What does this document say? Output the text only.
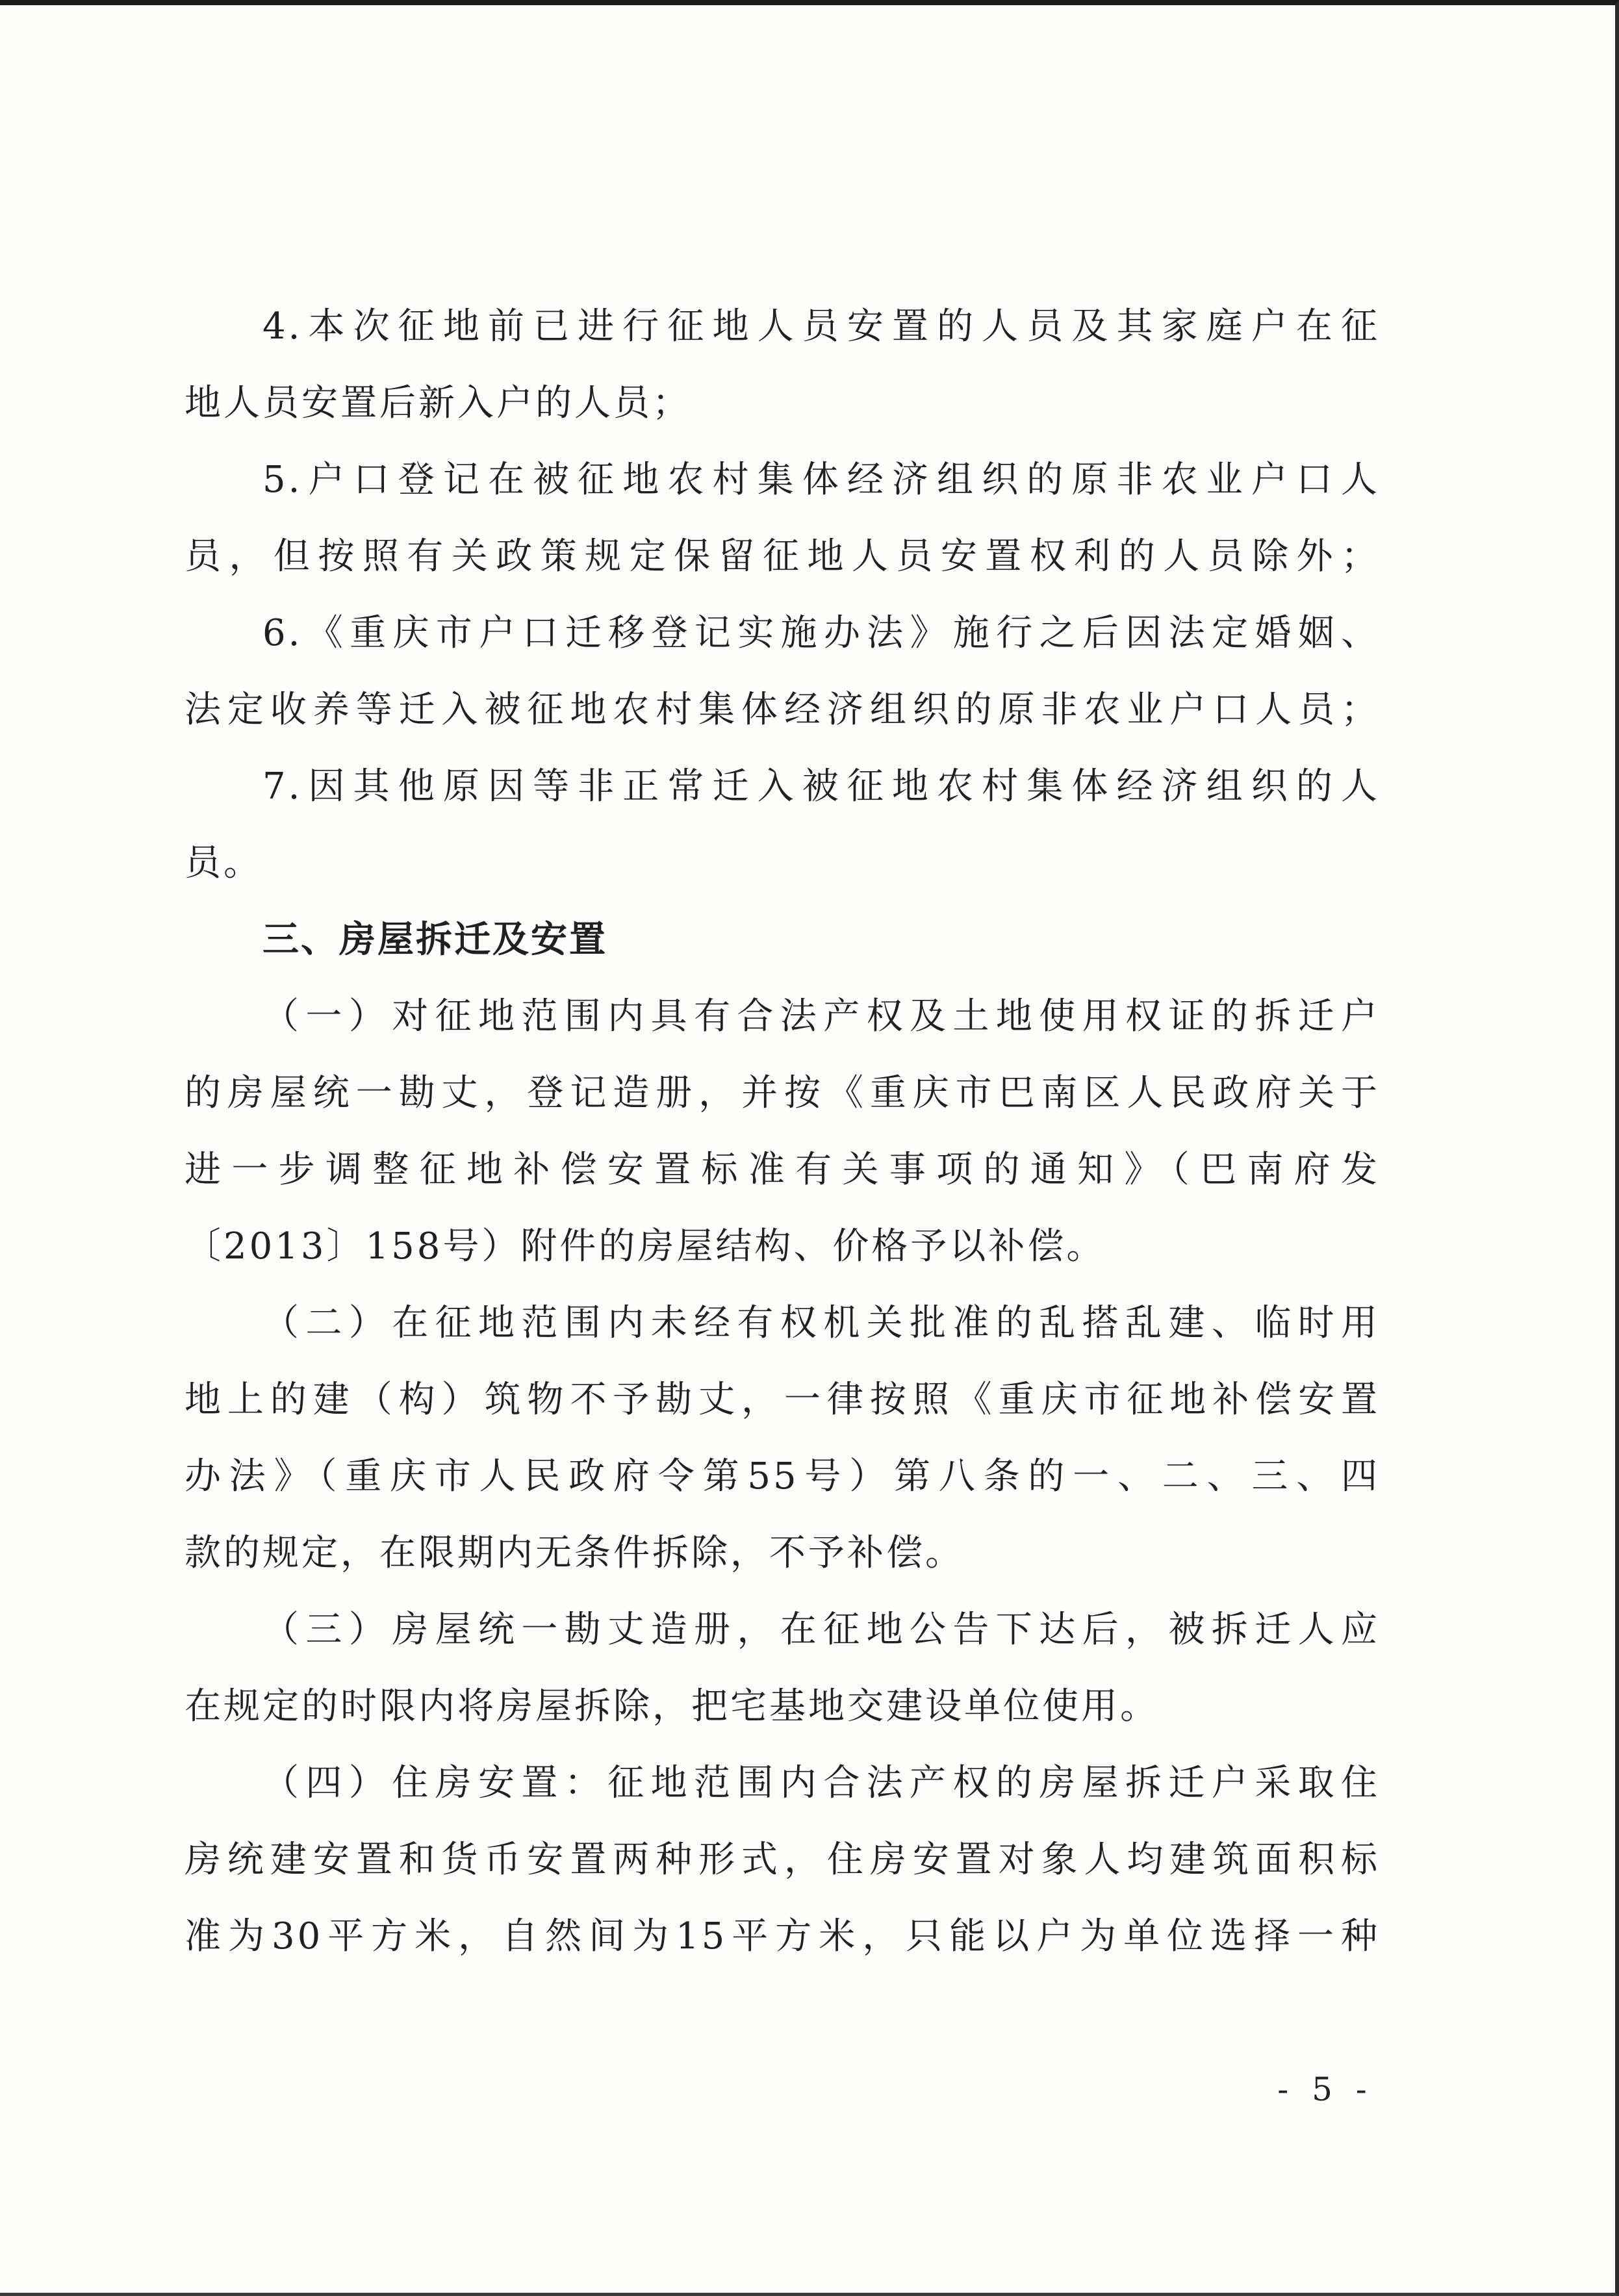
4.本次征地前已进行征地人员安置的人员及其家庭户在征
地人员安置后新入户的人员；
5.户口登记在被征地农村集体经济组织的原非农业户口人
员，但按照有关政策规定保留征地人员安置权利的人员除外；
6.《重庆市户口迁移登记实施办法》施行之后因法定婚姻、
法定收养等迁入被征地农村集体经济组织的原非农业户口人员；
7.因其他原因等非正常迁入被征地农村集体经济组织的人
员。
三、房屋拆迁及安置
（一）对征地范围内具有合法产权及土地使用权证的拆迁户
的房屋统一勘丈，登记造册，并按《重庆市巴南区人民政府关于
进一步调整征地补偿安置标准有关事项的通知》（巴南府发
〔2013〕158号）附件的房屋结构、价格予以补偿。
（二）在征地范围内未经有权机关批准的乱搭乱建、临时用
地上的建（构）筑物不予勘丈，一律按照《重庆市征地补偿安置
办法》（重庆市人民政府令第55号）第八条的一、二、三、四
款的规定，在限期内无条件拆除，不予补偿。
（三）房屋统一勘丈造册，在征地公告下达后，被拆迁人应
在规定的时限内将房屋拆除，把宅基地交建设单位使用。
（四）住房安置：征地范围内合法产权的房屋拆迁户采取住
房统建安置和货币安置两种形式，住房安置对象人均建筑面积标
准为30平方米，自然间为15平方米，只能以户为单位选择一种
- 5 -
